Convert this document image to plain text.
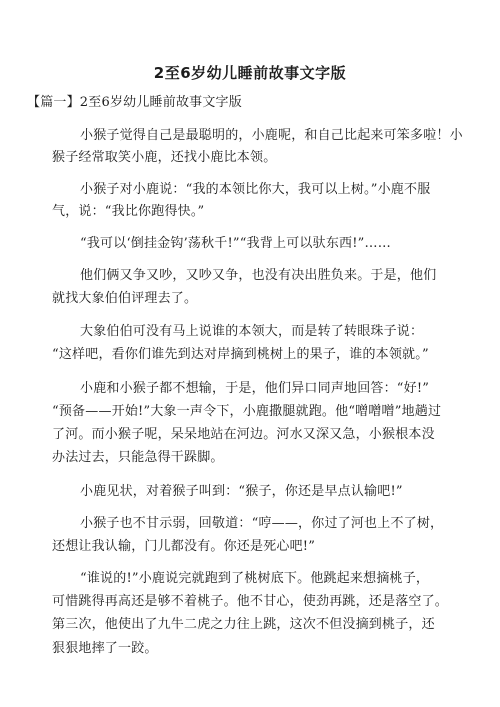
2至6岁幼儿睡前故事文字版
【篇一】2至6岁幼儿睡前故事文字版
小猴子觉得自己是最聪明的，小鹿呢，和自己比起来可笨多啦！小
猴子经常取笑小鹿，还找小鹿比本领。
小猴子对小鹿说：“我的本领比你大，我可以上树。”小鹿不服
气，说：“我比你跑得快。”
“我可以‘倒挂金钩’荡秋千!”“我背上可以驮东西!”……
他们俩又争又吵，又吵又争，也没有决出胜负来。于是，他们
就找大象伯伯评理去了。
大象伯伯可没有马上说谁的本领大，而是转了转眼珠子说：
“这样吧，看你们谁先到达对岸摘到桃树上的果子，谁的本领就。”
小鹿和小猴子都不想输，于是，他们异口同声地回答：“好!”
“预备——开始!”大象一声令下，小鹿撒腿就跑。他“噌噌噌”地趟过
了河。而小猴子呢，呆呆地站在河边。河水又深又急，小猴根本没
办法过去，只能急得干跺脚。
小鹿见状，对着猴子叫到：“猴子，你还是早点认输吧!”
小猴子也不甘示弱，回敬道：“哼——，你过了河也上不了树，
还想让我认输，门儿都没有。你还是死心吧!”
“谁说的!”小鹿说完就跑到了桃树底下。他跳起来想摘桃子，
可惜跳得再高还是够不着桃子。他不甘心，使劲再跳，还是落空了。
第三次，他使出了九牛二虎之力往上跳，这次不但没摘到桃子，还
狠狠地摔了一跤。
